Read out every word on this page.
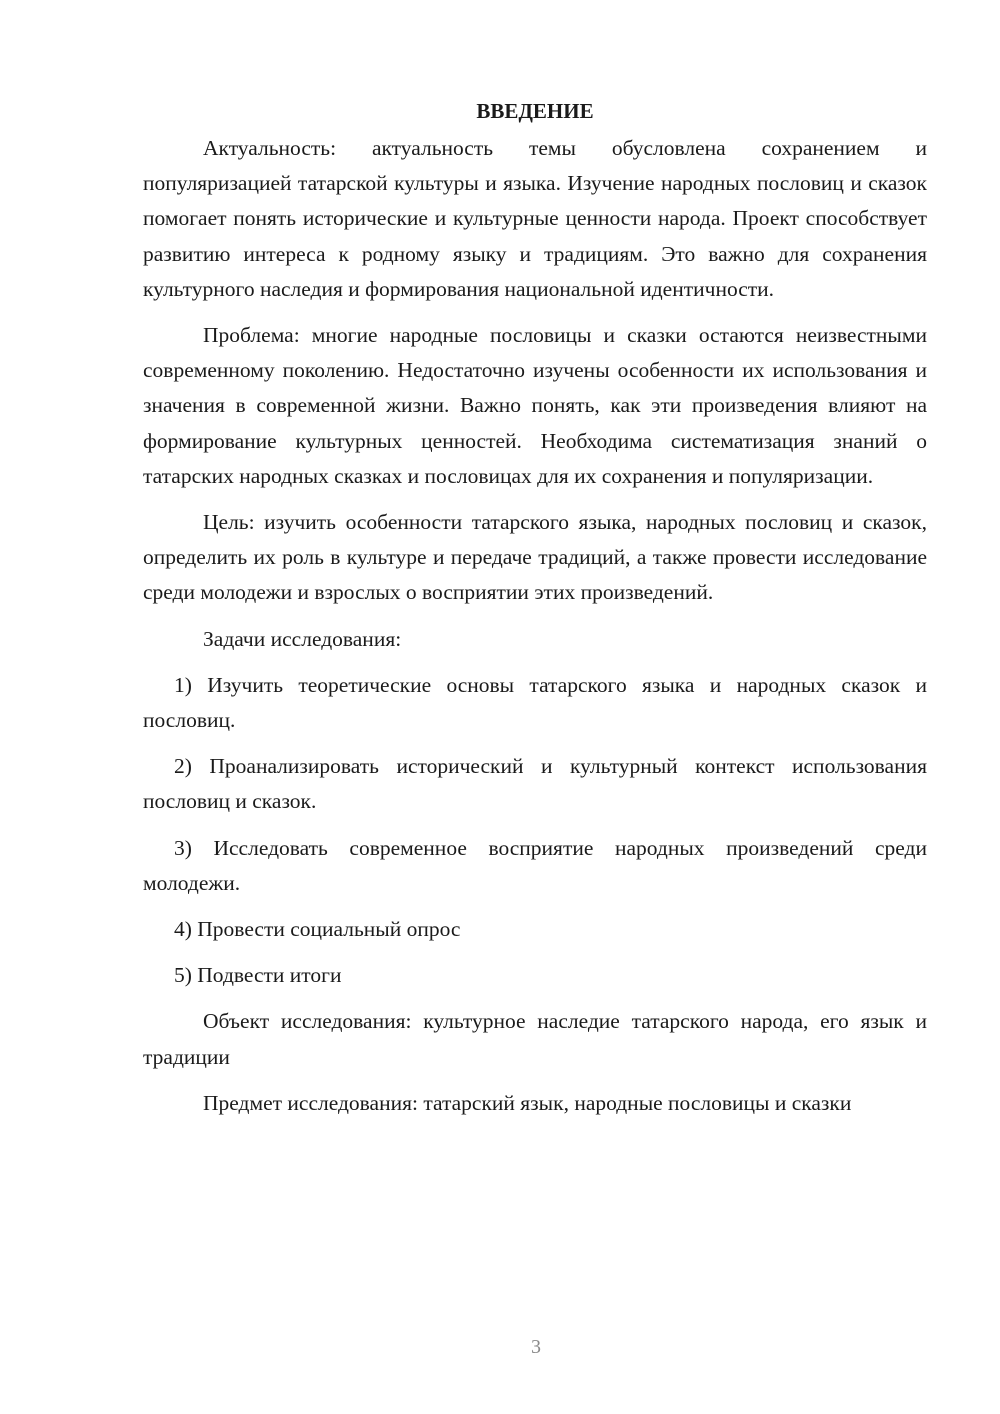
ВВЕДЕНИЕ

Актуальность: актуальность темы обусловлена сохранением и популяризацией татарской культуры и языка. Изучение народных пословиц и сказок помогает понять исторические и культурные ценности народа. Проект способствует развитию интереса к родному языку и традициям. Это важно для сохранения культурного наследия и формирования национальной идентичности.

Проблема: многие народные пословицы и сказки остаются неизвестными современному поколению. Недостаточно изучены особенности их использования и значения в современной жизни. Важно понять, как эти произведения влияют на формирование культурных ценностей. Необходима систематизация знаний о татарских народных сказках и пословицах для их сохранения и популяризации.

Цель: изучить особенности татарского языка, народных пословиц и сказок, определить их роль в культуре и передаче традиций, а также провести исследование среди молодежи и взрослых о восприятии этих произведений.

Задачи исследования:

1) Изучить теоретические основы татарского языка и народных сказок и пословиц.

2) Проанализировать исторический и культурный контекст использования пословиц и сказок.

3) Исследовать современное восприятие народных произведений среди молодежи.

4) Провести социальный опрос

5) Подвести итоги

Объект исследования: культурное наследие татарского народа, его язык и традиции

Предмет исследования: татарский язык, народные пословицы и сказки

3
